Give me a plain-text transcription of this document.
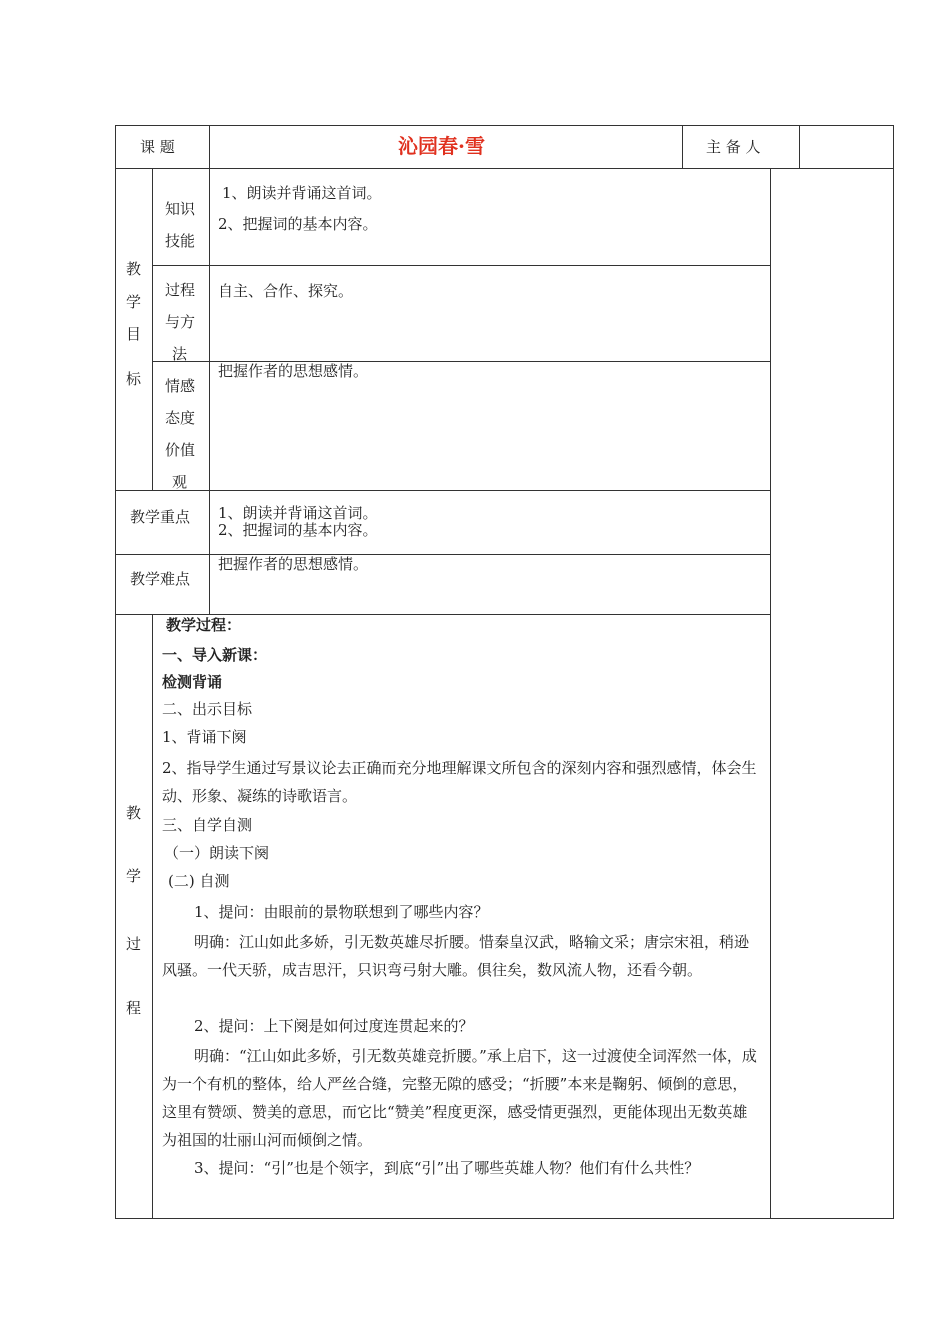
课 题	沁园春·雪	主 备 人
教
学
目
标
知识
技能
1、朗读并背诵这首词。
2、把握词的基本内容。
过程
与方
法
自主、合作、探究。
情感
态度
价值
观
把握作者的思想感情。
教学重点 1、朗读并背诵这首词。
2、把握词的基本内容。
教学难点
把握作者的思想感情。
教
学
过
程
教学过程：
一、导入新课：
检测背诵
二、出示目标
1、背诵下阕
2、指导学生通过写景议论去正确而充分地理解课文所包含的深刻内容和强烈感情，体会生动、形象、凝练的诗歌语言。
三、自学自测
（一）朗读下阕
(二) 自测
1、提问：由眼前的景物联想到了哪些内容？
明确：江山如此多娇，引无数英雄尽折腰。惜秦皇汉武，略输文采；唐宗宋祖，稍逊风骚。一代天骄，成吉思汗，只识弯弓射大雕。俱往矣，数风流人物，还看今朝。
2、提问：上下阕是如何过度连贯起来的？
明确：“江山如此多娇，引无数英雄竞折腰。”承上启下，这一过渡使全词浑然一体，成为一个有机的整体，给人严丝合缝，完整无隙的感受；“折腰”本来是鞠躬、倾倒的意思，这里有赞颂、赞美的意思，而它比“赞美”程度更深，感受情更强烈，更能体现出无数英雄为祖国的壮丽山河而倾倒之情。
3、提问：“引”也是个领字，到底“引”出了哪些英雄人物？他们有什么共性？
